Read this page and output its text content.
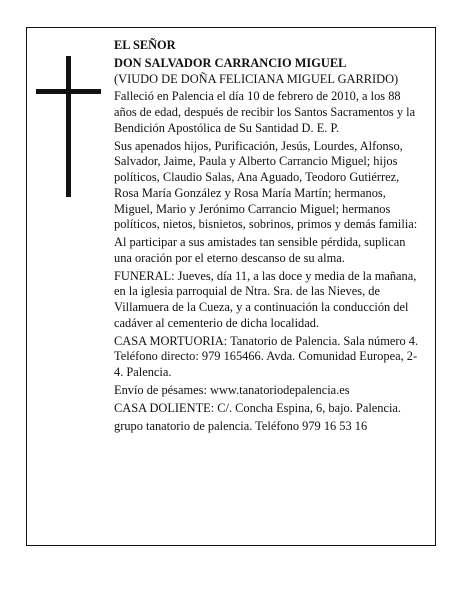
EL SEÑOR

DON SALVADOR CARRANCIO MIGUEL

(VIUDO DE DOÑA FELICIANA MIGUEL GARRIDO)

Falleció en Palencia el día 10 de febrero de 2010, a los 88 años de edad, después de recibir los Santos Sacramentos y la Bendición Apostólica de Su Santidad D. E. P.

Sus apenados hijos, Purificación, Jesús, Lourdes, Alfonso, Salvador, Jaime, Paula y Alberto Carrancio Miguel; hijos políticos, Claudio Salas, Ana Aguado, Teodoro Gutiérrez, Rosa María González y Rosa María Martín; hermanos, Miguel, Mario y Jerónimo Carrancio Miguel; hermanos políticos, nietos, bisnietos, sobrinos, primos y demás familia:

Al participar a sus amistades tan sensible pérdida, suplican una oración por el eterno descanso de su alma.

FUNERAL: Jueves, día 11, a las doce y media de la mañana, en la iglesia parroquial de Ntra. Sra. de las Nieves, de Villamuera de la Cueza, y a continuación la conducción del cadáver al cementerio de dicha localidad.

CASA MORTUORIA: Tanatorio de Palencia. Sala número 4. Teléfono directo: 979 165466. Avda. Comunidad Europea, 2-4. Palencia.

Envío de pésames: www.tanatoriodepalencia.es

CASA DOLIENTE: C/. Concha Espina, 6, bajo. Palencia.

grupo tanatorio de palencia. Teléfono 979 16 53 16
